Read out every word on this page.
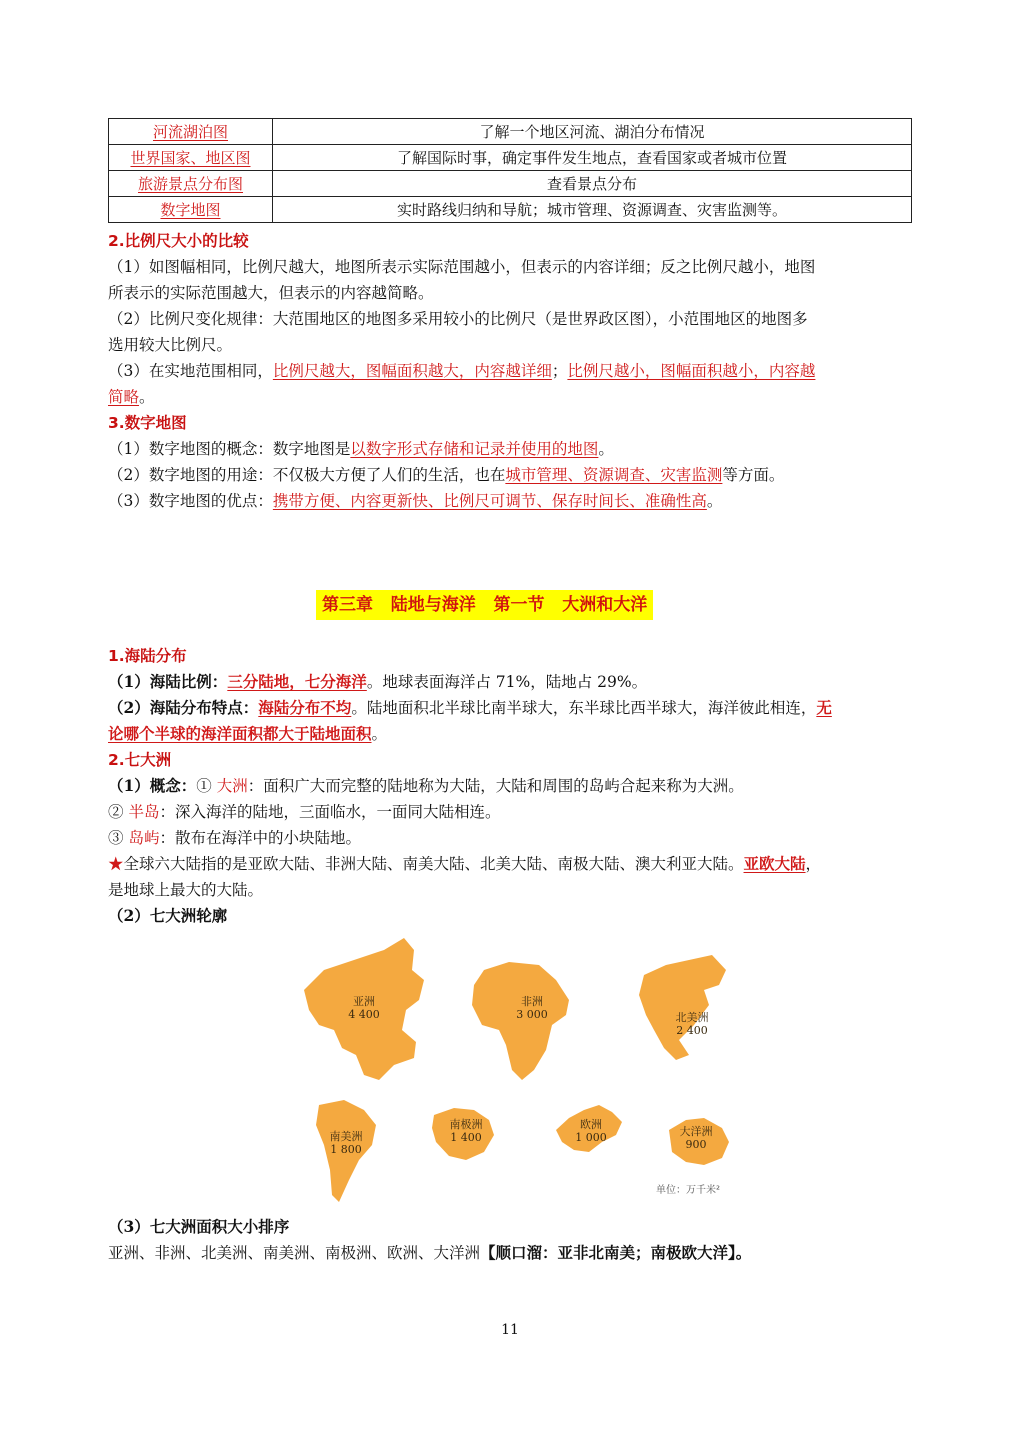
河流湖泊图	了解一个地区河流、湖泊分布情况
世界国家、地区图	了解国际时事，确定事件发生地点，查看国家或者城市位置
旅游景点分布图	查看景点分布
数字地图	实时路线归纳和导航；城市管理、资源调查、灾害监测等。
2.比例尺大小的比较
（1）如图幅相同，比例尺越大，地图所表示实际范围越小，但表示的内容详细；反之比例尺越小，地图
所表示的实际范围越大，但表示的内容越简略。
（2）比例尺变化规律：大范围地区的地图多采用较小的比例尺（是世界政区图），小范围地区的地图多
选用较大比例尺。
（3）在实地范围相同，比例尺越大，图幅面积越大，内容越详细；比例尺越小，图幅面积越小，内容越
简略。
3.数字地图
（1）数字地图的概念：数字地图是以数字形式存储和记录并使用的地图。
（2）数字地图的用途：不仅极大方便了人们的生活，也在城市管理、资源调查、灾害监测等方面。
（3）数字地图的优点：携带方便、内容更新快、比例尺可调节、保存时间长、准确性高。
第三章   陆地与海洋   第一节   大洲和大洋
1.海陆分布
（1）海陆比例：三分陆地，七分海洋。地球表面海洋占 71%，陆地占 29%。
（2）海陆分布特点：海陆分布不均。陆地面积北半球比南半球大，东半球比西半球大，海洋彼此相连，无
论哪个半球的海洋面积都大于陆地面积。
2.七大洲
（1）概念：① 大洲：面积广大而完整的陆地称为大陆，大陆和周围的岛屿合起来称为大洲。
② 半岛：深入海洋的陆地，三面临水，一面同大陆相连。
③ 岛屿：散布在海洋中的小块陆地。
★全球六大陆指的是亚欧大陆、非洲大陆、南美大陆、北美大陆、南极大陆、澳大利亚大陆。亚欧大陆，
是地球上最大的大陆。
（2）七大洲轮廓
亚洲
4 400
非洲
3 000	北美洲
2 400
南美洲
1 800
南极洲
1 400
欧洲
1 000	大洋洲
900
单位：万千米²
（3）七大洲面积大小排序
亚洲、非洲、北美洲、南美洲、南极洲、欧洲、大洋洲【顺口溜：亚非北南美；南极欧大洋】。
11
